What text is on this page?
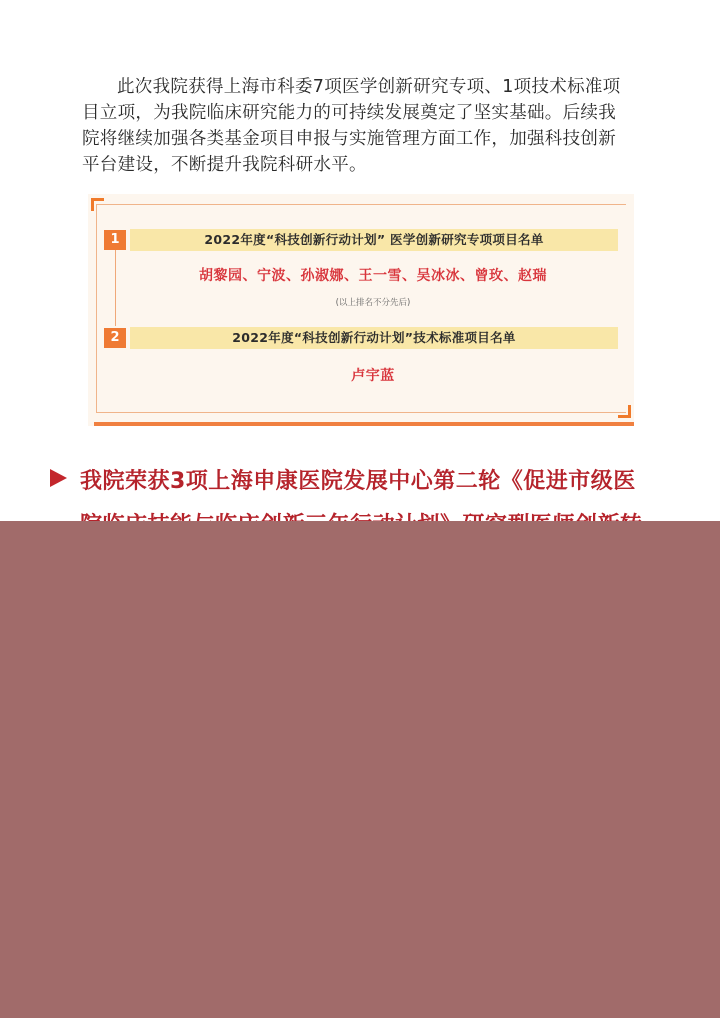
此次我院获得上海市科委7项医学创新研究专项、1项技术标准项
目立项，为我院临床研究能力的可持续发展奠定了坚实基础。后续我
院将继续加强各类基金项目申报与实施管理方面工作，加强科技创新
平台建设，不断提升我院科研水平。
1	2022年度“科技创新行动计划” 医学创新研究专项项目名单
胡黎园、宁波、孙淑娜、王一雪、吴冰冰、曾玫、赵瑞
(以上排名不分先后)
2	2022年度“科技创新行动计划”技术标准项目名单
卢宇蓝
我院荣获3项上海申康医院发展中心第二轮《促进市级医
